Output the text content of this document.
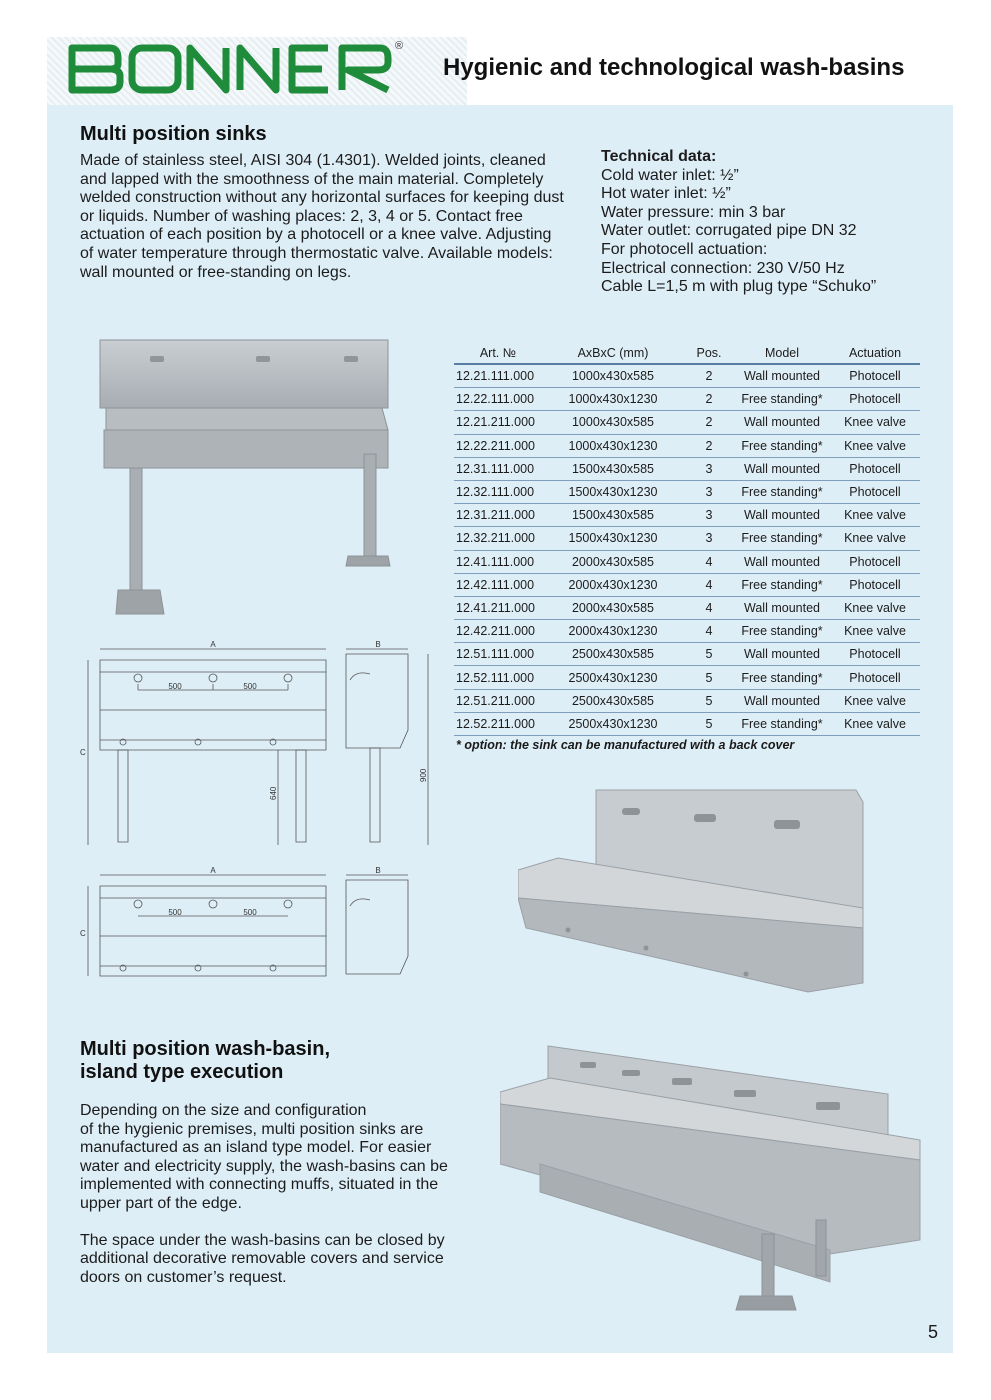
®
Hygienic and technological wash-basins
Multi position sinks

Made of stainless steel, AISI 304 (1.4301). Welded joints, cleaned

and lapped with the smoothness of the main material. Completely

welded construction without any horizontal surfaces for keeping dust

or liquids. Number of washing places: 2, 3, 4 or 5. Contact free

actuation of each position by a photocell or a knee valve. Adjusting

of water temperature through thermostatic valve. Available models:

wall mounted or free-standing on legs.

Technical data:

Cold water inlet: ½”

Hot water inlet: ½”

Water pressure: min 3 bar

Water outlet: corrugated pipe DN 32

For photocell actuation:

Electrical connection: 230 V/50 Hz

Cable L=1,5 m with plug type “Schuko”

A	B
C
500	500
640
900
A	B
C
500	500
Art. №	AxBxC (mm)	Pos.	Model	Actuation
12.21.111.000	1000x430x585	2	Wall mounted	Photocell
12.22.111.000	1000x430x1230	2	Free standing*	Photocell
12.21.211.000	1000x430x585	2	Wall mounted	Knee valve
12.22.211.000	1000x430x1230	2	Free standing*	Knee valve
12.31.111.000	1500x430x585	3	Wall mounted	Photocell
12.32.111.000	1500x430x1230	3	Free standing*	Photocell
12.31.211.000	1500x430x585	3	Wall mounted	Knee valve
12.32.211.000	1500x430x1230	3	Free standing*	Knee valve
12.41.111.000	2000x430x585	4	Wall mounted	Photocell
12.42.111.000	2000x430x1230	4	Free standing*	Photocell
12.41.211.000	2000x430x585	4	Wall mounted	Knee valve
12.42.211.000	2000x430x1230	4	Free standing*	Knee valve
12.51.111.000	2500x430x585	5	Wall mounted	Photocell
12.52.111.000	2500x430x1230	5	Free standing*	Photocell
12.51.211.000	2500x430x585	5	Wall mounted	Knee valve
12.52.211.000	2500x430x1230	5	Free standing*	Knee valve
* option: the sink can be manufactured with a back cover
Multi position wash-basin,
island type execution

Depending on the size and configuration

of the hygienic premises, multi position sinks are

manufactured as an island type model. For easier

water and electricity supply, the wash-basins can be

implemented with connecting muffs, situated in the

upper part of the edge.

The space under the wash-basins can be closed by

additional decorative removable covers and service

doors on customer’s request.

5
